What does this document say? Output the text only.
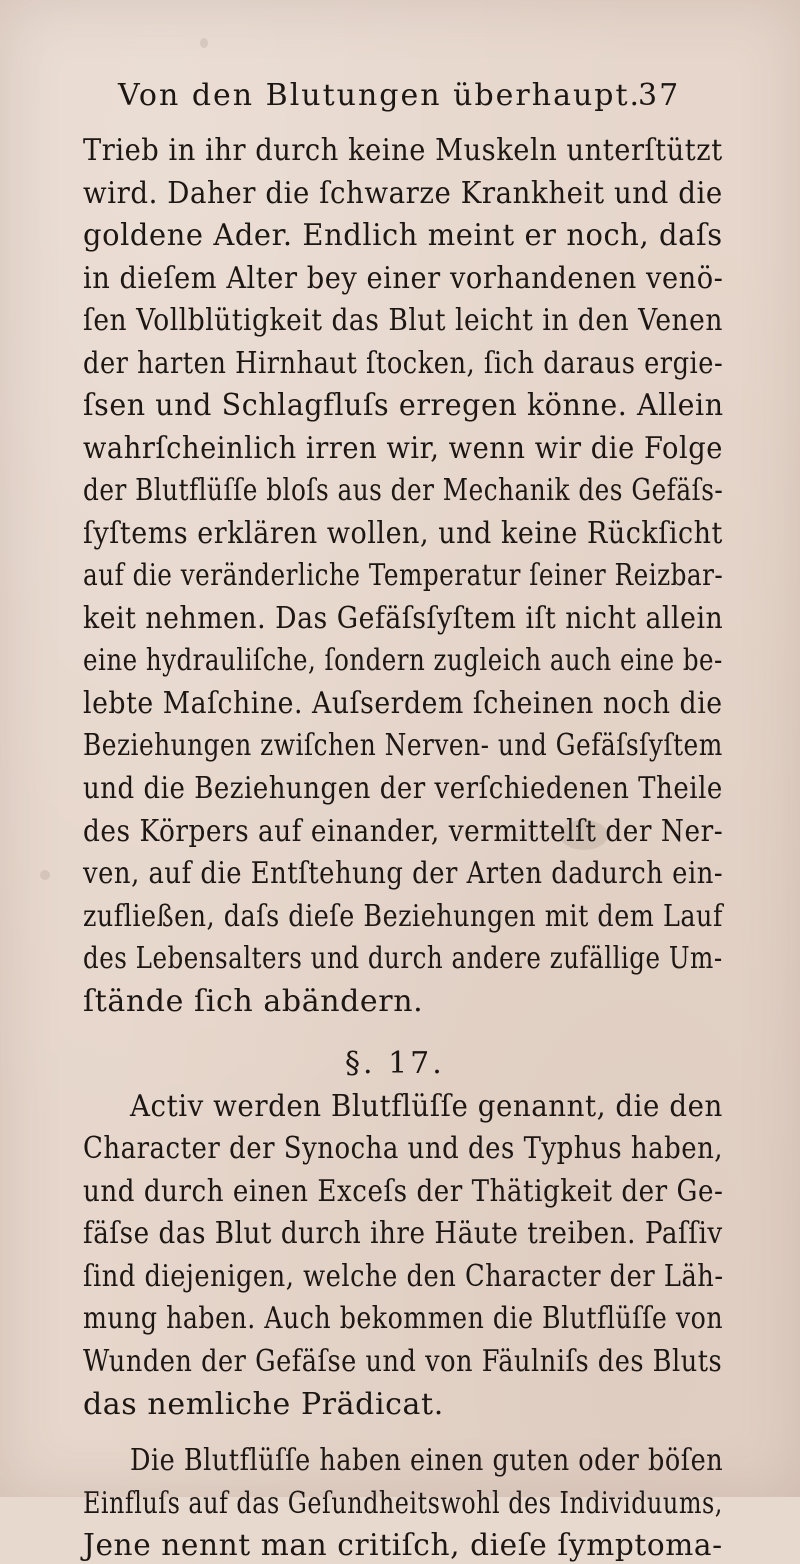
Von den Blutungen überhaupt.
37
Trieb in ihr durch keine Muskeln unterſtützt
wird. Daher die ſchwarze Krankheit und die
goldene Ader. Endlich meint er noch, daſs
in dieſem Alter bey einer vorhandenen venö-
ſen Vollblütigkeit das Blut leicht in den Venen
der harten Hirnhaut ſtocken, ſich daraus ergie-
ſsen und Schlagfluſs erregen könne. Allein
wahrſcheinlich irren wir, wenn wir die Folge
der Blutflüſſe bloſs aus der Mechanik des Gefäſs-
ſyſtems erklären wollen, und keine Rückſicht
auf die veränderliche Temperatur ſeiner Reizbar-
keit nehmen. Das Gefäſsſyſtem iſt nicht allein
eine hydrauliſche, ſondern zugleich auch eine be-
lebte Maſchine. Auſserdem ſcheinen noch die
Beziehungen zwiſchen Nerven- und Gefäſsſyſtem
und die Beziehungen der verſchiedenen Theile
des Körpers auf einander, vermittelſt der Ner-
ven, auf die Entſtehung der Arten dadurch ein-
zufließen, daſs dieſe Beziehungen mit dem Lauf
des Lebensalters und durch andere zufällige Um-
ſtände ſich abändern.
§. 17.
Activ werden Blutflüſſe genannt, die den
Character der Synocha und des Typhus haben,
und durch einen Exceſs der Thätigkeit der Ge-
fäſse das Blut durch ihre Häute treiben. Paſſiv
ſind diejenigen, welche den Character der Läh-
mung haben. Auch bekommen die Blutflüſſe von
Wunden der Gefäſse und von Fäulniſs des Bluts
das nemliche Prädicat.
Die Blutflüſſe haben einen guten oder böſen
Einfluſs auf das Geſundheitswohl des Individuums,
Jene nennt man critiſch, dieſe ſymptoma-
